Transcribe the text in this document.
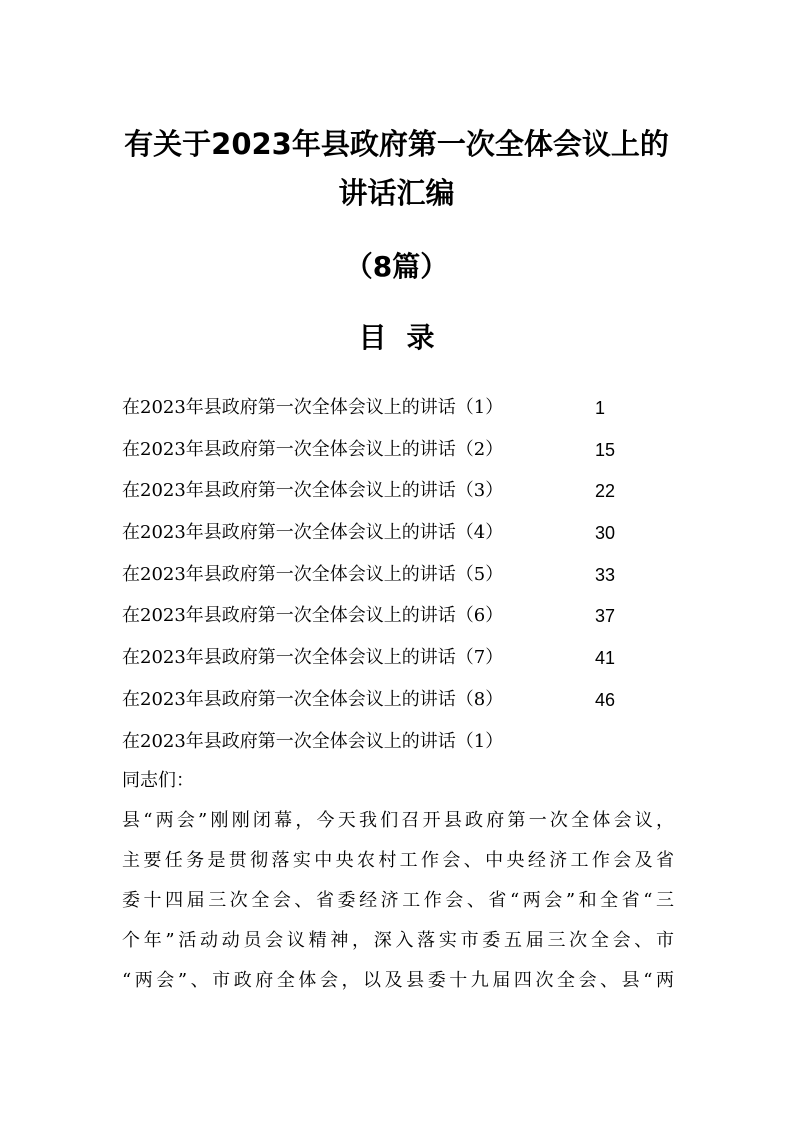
有关于2023年县政府第一次全体会议上的
讲话汇编
（8篇）
目录
在2023年县政府第一次全体会议上的讲话（1）	1
在2023年县政府第一次全体会议上的讲话（2）	15
在2023年县政府第一次全体会议上的讲话（3）	22
在2023年县政府第一次全体会议上的讲话（4）	30
在2023年县政府第一次全体会议上的讲话（5）	33
在2023年县政府第一次全体会议上的讲话（6）	37
在2023年县政府第一次全体会议上的讲话（7）	41
在2023年县政府第一次全体会议上的讲话（8）	46
在2023年县政府第一次全体会议上的讲话（1）
同志们：
县“两会”刚刚闭幕，今天我们召开县政府第一次全体会议，
主要任务是贯彻落实中央农村工作会、中央经济工作会及省
委十四届三次全会、省委经济工作会、省“两会”和全省“三
个年”活动动员会议精神，深入落实市委五届三次全会、市
“两会”、市政府全体会，以及县委十九届四次全会、县“两
